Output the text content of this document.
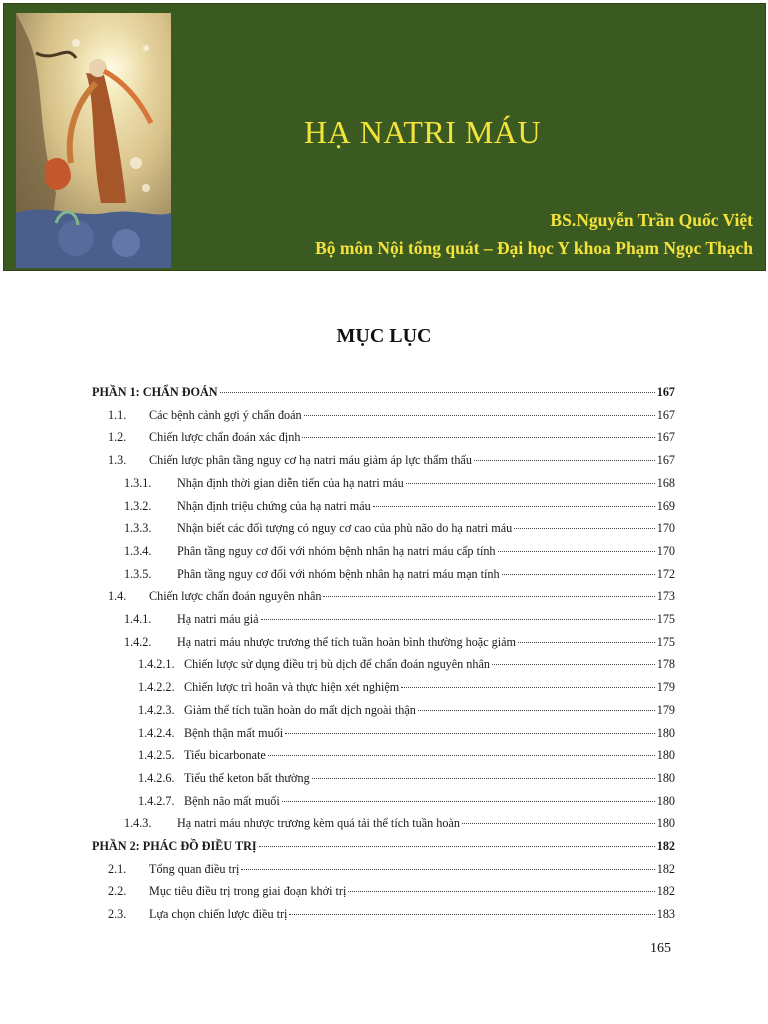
HẠ NATRI MÁU
BS.Nguyễn Trần Quốc Việt
Bộ môn Nội tổng quát – Đại học Y khoa Phạm Ngọc Thạch
MỤC LỤC
PHẦN 1: CHẨN ĐOÁN	167
1.1.	Các bệnh cảnh gợi ý chẩn đoán	167
1.2.	Chiến lược chẩn đoán xác định	167
1.3.	Chiến lược phân tầng nguy cơ hạ natri máu giảm áp lực thẩm thấu	167
1.3.1.	Nhận định thời gian diễn tiến của hạ natri máu	168
1.3.2.	Nhận định triệu chứng của hạ natri máu	169
1.3.3.	Nhận biết các đối tượng có nguy cơ cao của phù não do hạ natri máu	170
1.3.4.	Phân tầng nguy cơ đối với nhóm bệnh nhân hạ natri máu cấp tính	170
1.3.5.	Phân tầng nguy cơ đối với nhóm bệnh nhân hạ natri máu mạn tính	172
1.4.	Chiến lược chẩn đoán nguyên nhân	173
1.4.1.	Hạ natri máu giả	175
1.4.2.	Hạ natri máu nhược trương thể tích tuần hoàn bình thường hoặc giảm	175
1.4.2.1. Chiến lược sử dụng điều trị bù dịch để chẩn đoán nguyên nhân	178
1.4.2.2. Chiến lược trì hoãn và thực hiện xét nghiệm	179
1.4.2.3. Giảm thể tích tuần hoàn do mất dịch ngoài thận	179
1.4.2.4. Bệnh thận mất muối	180
1.4.2.5. Tiểu bicarbonate	180
1.4.2.6. Tiểu thể keton bất thường	180
1.4.2.7. Bệnh não mất muối	180
1.4.3.	Hạ natri máu nhược trương kèm quá tải thể tích tuần hoàn	180
PHẦN 2: PHÁC ĐỒ ĐIỀU TRỊ	182
2.1.	Tổng quan điều trị	182
2.2.	Mục tiêu điều trị trong giai đoạn khởi trị	182
2.3.	Lựa chọn chiến lược điều trị	183
165
